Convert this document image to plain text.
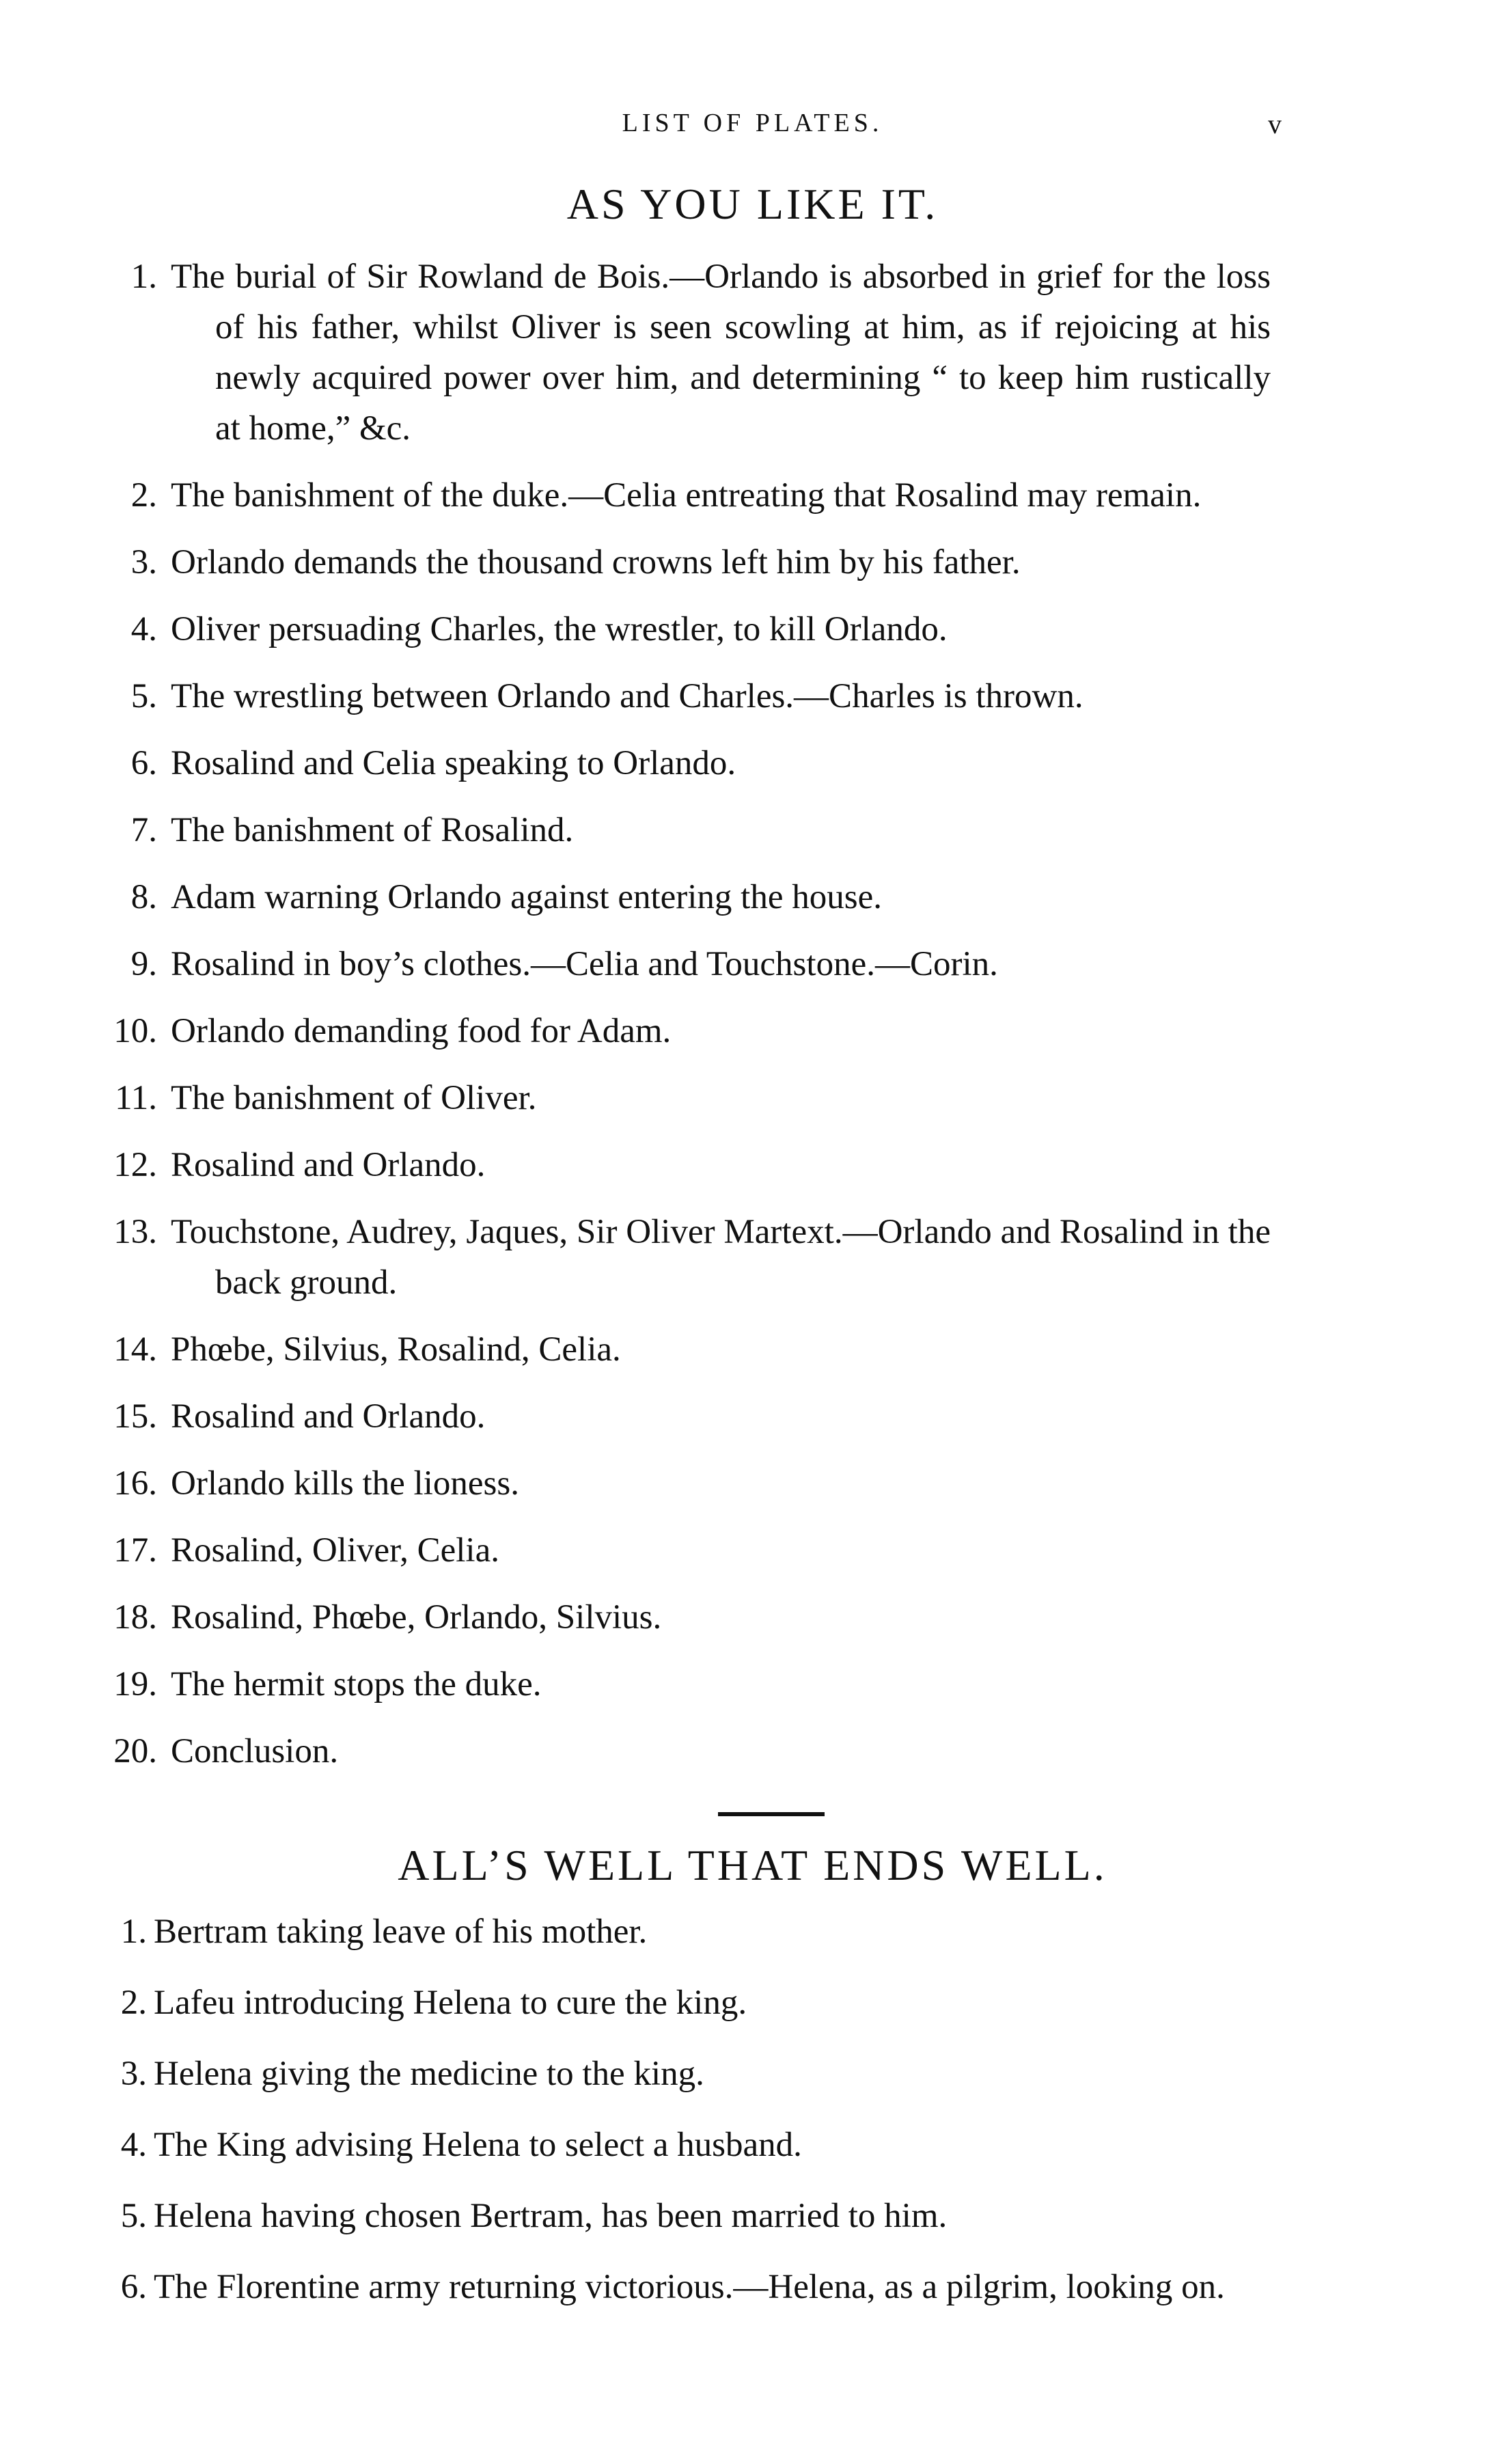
LIST OF PLATES.	v
AS YOU LIKE IT.
1. The burial of Sir Rowland de Bois.—Orlando is absorbed in grief for the loss of his father, whilst Oliver is seen scowling at him, as if rejoicing at his newly acquired power over him, and determining “ to keep him rustically at home,” &c.
2. The banishment of the duke.—Celia entreating that Rosalind may remain.
3. Orlando demands the thousand crowns left him by his father.
4. Oliver persuading Charles, the wrestler, to kill Orlando.
5. The wrestling between Orlando and Charles.—Charles is thrown.
6. Rosalind and Celia speaking to Orlando.
7. The banishment of Rosalind.
8. Adam warning Orlando against entering the house.
9. Rosalind in boy’s clothes.—Celia and Touchstone.—Corin.
10. Orlando demanding food for Adam.
11. The banishment of Oliver.
12. Rosalind and Orlando.
13. Touchstone, Audrey, Jaques, Sir Oliver Martext.—Orlando and Rosalind in the back ground.
14. Phœbe, Silvius, Rosalind, Celia.
15. Rosalind and Orlando.
16. Orlando kills the lioness.
17. Rosalind, Oliver, Celia.
18. Rosalind, Phœbe, Orlando, Silvius.
19. The hermit stops the duke.
20. Conclusion.
ALL’S WELL THAT ENDS WELL.
1. Bertram taking leave of his mother.
2. Lafeu introducing Helena to cure the king.
3. Helena giving the medicine to the king.
4. The King advising Helena to select a husband.
5. Helena having chosen Bertram, has been married to him.
6. The Florentine army returning victorious.—Helena, as a pilgrim, looking on.
